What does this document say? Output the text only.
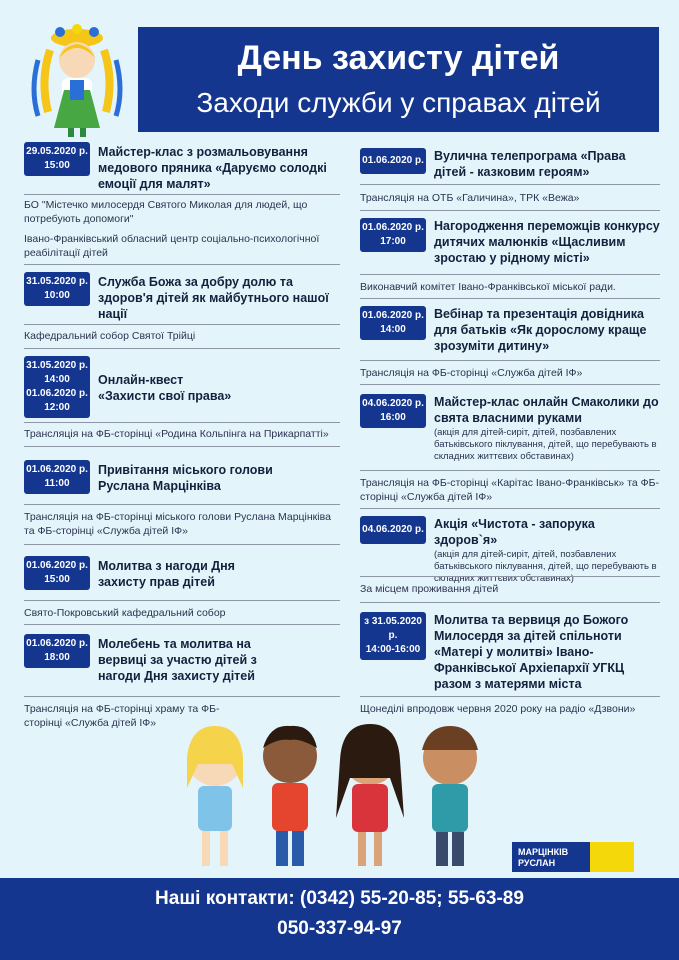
День захисту дітей
Заходи служби у справах дітей
29.05.2020 р.
15:00
Майстер-клас з розмальовування медового пряника «Даруємо солодкі емоції для малят»
БО "Містечко милосердя Святого Миколая для людей, що потребують допомоги"
Івано-Франківський обласний центр соціально-психологічної реабілітації дітей
31.05.2020 р.
10:00
Служба Божа за добру долю та здоров'я дітей як майбутнього нашої нації
Кафедральний собор Святої Трійці
31.05.2020 р.
14:00
01.06.2020 р.
12:00
Онлайн-квест «Захисти свої права»
Трансляція на ФБ-сторінці «Родина Кольпінга на Прикарпатті»
01.06.2020 р.
11:00
Привітання міського голови Руслана Марцінківа
Трансляція на ФБ-сторінці міського голови Руслана Марцінківа та ФБ-сторінці «Служба дітей ІФ»
01.06.2020 р.
15:00
Молитва з нагоди Дня захисту прав дітей
Свято-Покровський кафедральний собор
01.06.2020 р.
18:00
Молебень та молитва на вервиці за участю дітей з нагоди Дня захисту дітей
Трансляція на ФБ-сторінці храму та ФБ-сторінці «Служба дітей ІФ»
01.06.2020 р. Вулична телепрограма «Права дітей - казковим героям»
Трансляція на ОТБ «Галичина», ТРК «Вежа»
01.06.2020 р.
17:00
Нагородження переможців конкурсу дитячих малюнків «Щасливим зростаю у рідному місті»
Виконавчий комітет Івано-Франківської міської ради.
01.06.2020 р.
14:00
Вебінар та презентація довідника для батьків «Як дорослому краще зрозуміти дитину»
Трансляція на ФБ-сторінці «Служба дітей ІФ»
04.06.2020 р.
16:00
Майстер-клас онлайн Смаколики до свята власними руками
(акція для дітей-сиріт, дітей, позбавлених батьківського піклування, дітей, що перебувають в складних життєвих обставинах)
Трансляція на ФБ-сторінці «Карітас Івано-Франківськ» та ФБ-сторінці «Служба дітей ІФ»
04.06.2020 р. Акція «Чистота - запорука здоров`я»
(акція для дітей-сиріт, дітей, позбавлених батьківського піклування, дітей, що перебувають в складних життєвих обставинах)
За місцем проживання дітей
з 31.05.2020 р.
14:00-16:00
Молитва та вервиця до Божого Милосердя за дітей спільноти «Матері у молитві» Івано-Франківської Архіепархії УГКЦ разом з матерями міста
Щонеділі впродовж червня 2020 року на радіо «Дзвони»
МАРЦІНКІВ
РУСЛАН
Наші контакти: (0342) 55-20-85; 55-63-89
050-337-94-97
